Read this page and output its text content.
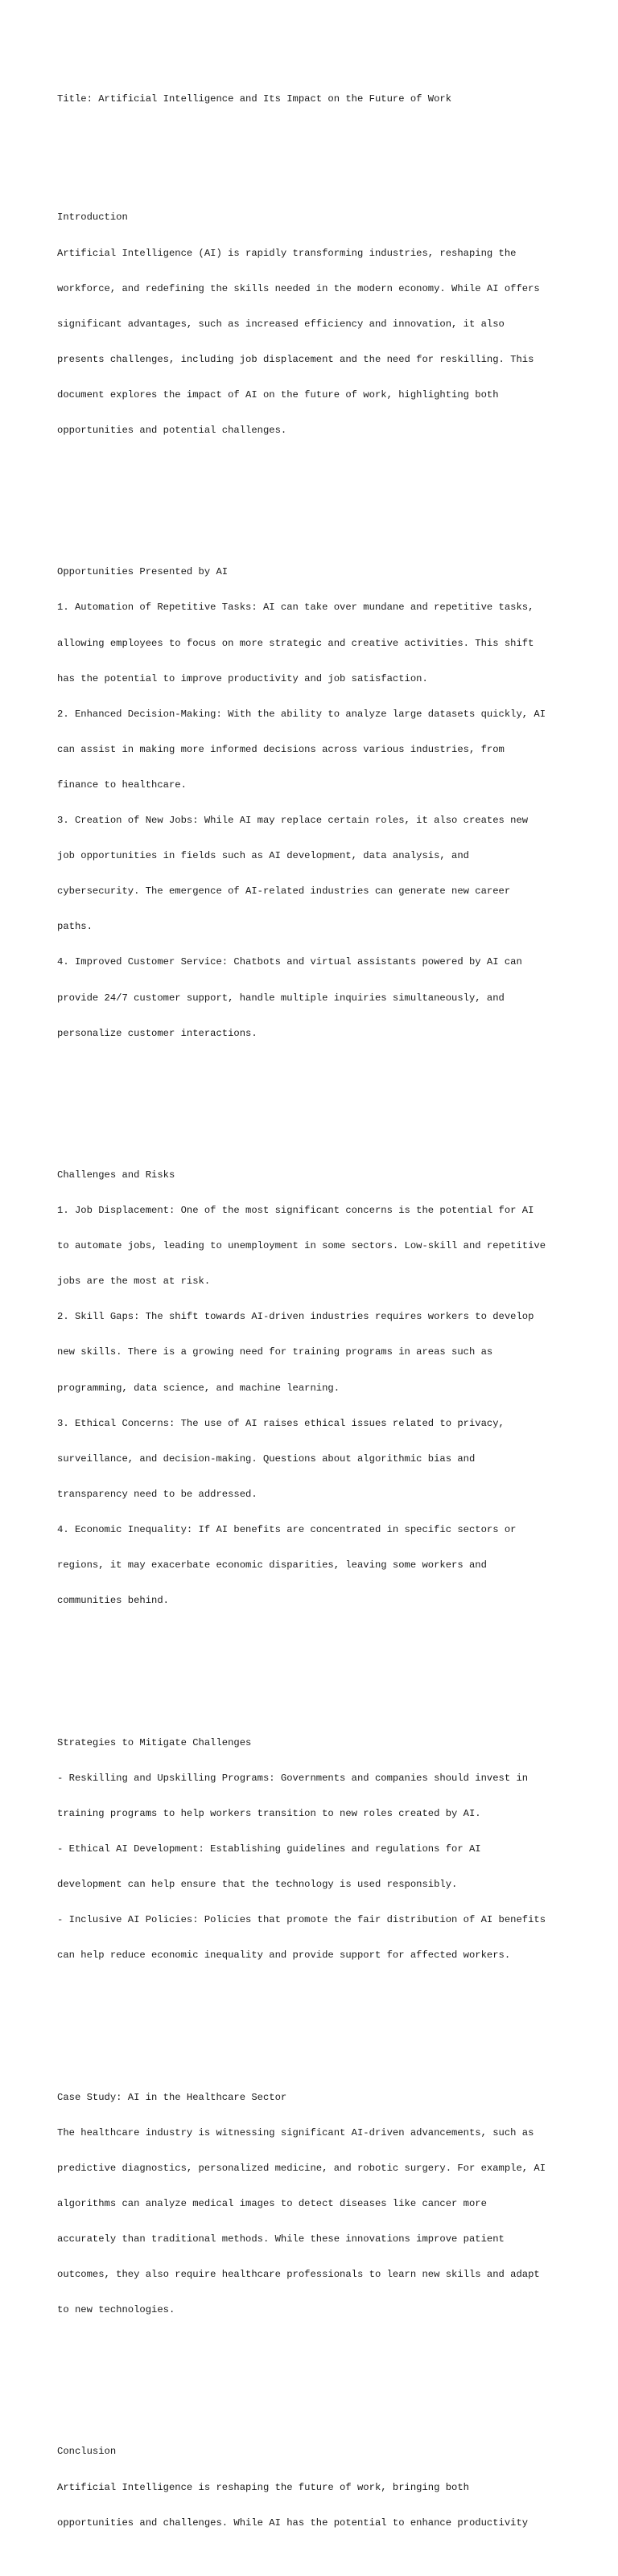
Title: Artificial Intelligence and Its Impact on the Future of Work

Introduction

Artificial Intelligence (AI) is rapidly transforming industries, reshaping the

workforce, and redefining the skills needed in the modern economy. While AI offers

significant advantages, such as increased efficiency and innovation, it also

presents challenges, including job displacement and the need for reskilling. This

document explores the impact of AI on the future of work, highlighting both

opportunities and potential challenges.

Opportunities Presented by AI

1. Automation of Repetitive Tasks: AI can take over mundane and repetitive tasks,

allowing employees to focus on more strategic and creative activities. This shift

has the potential to improve productivity and job satisfaction.

2. Enhanced Decision-Making: With the ability to analyze large datasets quickly, AI

can assist in making more informed decisions across various industries, from

finance to healthcare.

3. Creation of New Jobs: While AI may replace certain roles, it also creates new

job opportunities in fields such as AI development, data analysis, and

cybersecurity. The emergence of AI-related industries can generate new career

paths.

4. Improved Customer Service: Chatbots and virtual assistants powered by AI can

provide 24/7 customer support, handle multiple inquiries simultaneously, and

personalize customer interactions.

Challenges and Risks

1. Job Displacement: One of the most significant concerns is the potential for AI

to automate jobs, leading to unemployment in some sectors. Low-skill and repetitive

jobs are the most at risk.

2. Skill Gaps: The shift towards AI-driven industries requires workers to develop

new skills. There is a growing need for training programs in areas such as

programming, data science, and machine learning.

3. Ethical Concerns: The use of AI raises ethical issues related to privacy,

surveillance, and decision-making. Questions about algorithmic bias and

transparency need to be addressed.

4. Economic Inequality: If AI benefits are concentrated in specific sectors or

regions, it may exacerbate economic disparities, leaving some workers and

communities behind.

Strategies to Mitigate Challenges

- Reskilling and Upskilling Programs: Governments and companies should invest in

training programs to help workers transition to new roles created by AI.

- Ethical AI Development: Establishing guidelines and regulations for AI

development can help ensure that the technology is used responsibly.

- Inclusive AI Policies: Policies that promote the fair distribution of AI benefits

can help reduce economic inequality and provide support for affected workers.

Case Study: AI in the Healthcare Sector

The healthcare industry is witnessing significant AI-driven advancements, such as

predictive diagnostics, personalized medicine, and robotic surgery. For example, AI

algorithms can analyze medical images to detect diseases like cancer more

accurately than traditional methods. While these innovations improve patient

outcomes, they also require healthcare professionals to learn new skills and adapt

to new technologies.

Conclusion

Artificial Intelligence is reshaping the future of work, bringing both

opportunities and challenges. While AI has the potential to enhance productivity
